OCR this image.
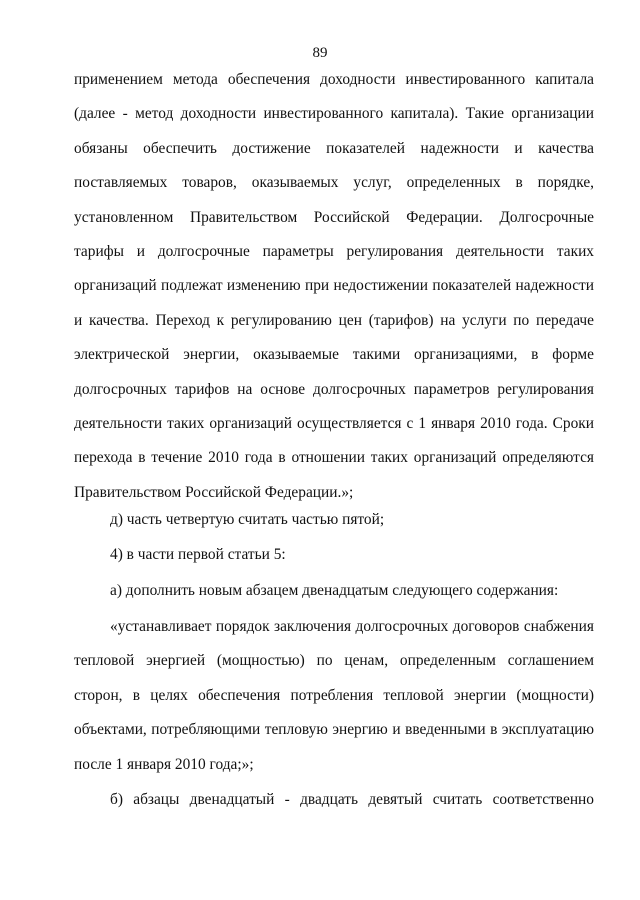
89

применением метода обеспечения доходности инвестированного капитала (далее - метод доходности инвестированного капитала). Такие организации обязаны обеспечить достижение показателей надежности и качества поставляемых товаров, оказываемых услуг, определенных в порядке, установленном Правительством Российской Федерации. Долгосрочные тарифы и долгосрочные параметры регулирования деятельности таких организаций подлежат изменению при недостижении показателей надежности и качества. Переход к регулированию цен (тарифов) на услуги по передаче электрической энергии, оказываемые такими организациями, в форме долгосрочных тарифов на основе долгосрочных параметров регулирования деятельности таких организаций осуществляется с 1 января 2010 года. Сроки перехода в течение 2010 года в отношении таких организаций определяются Правительством Российской Федерации.»;

д) часть четвертую считать частью пятой;

4) в части первой статьи 5:

а) дополнить новым абзацем двенадцатым следующего содержания:

«устанавливает порядок заключения долгосрочных договоров снабжения тепловой энергией (мощностью) по ценам, определенным соглашением сторон, в целях обеспечения потребления тепловой энергии (мощности) объектами, потребляющими тепловую энергию и введенными в эксплуатацию после 1 января 2010 года;»;

б) абзацы двенадцатый - двадцать девятый считать соответственно
